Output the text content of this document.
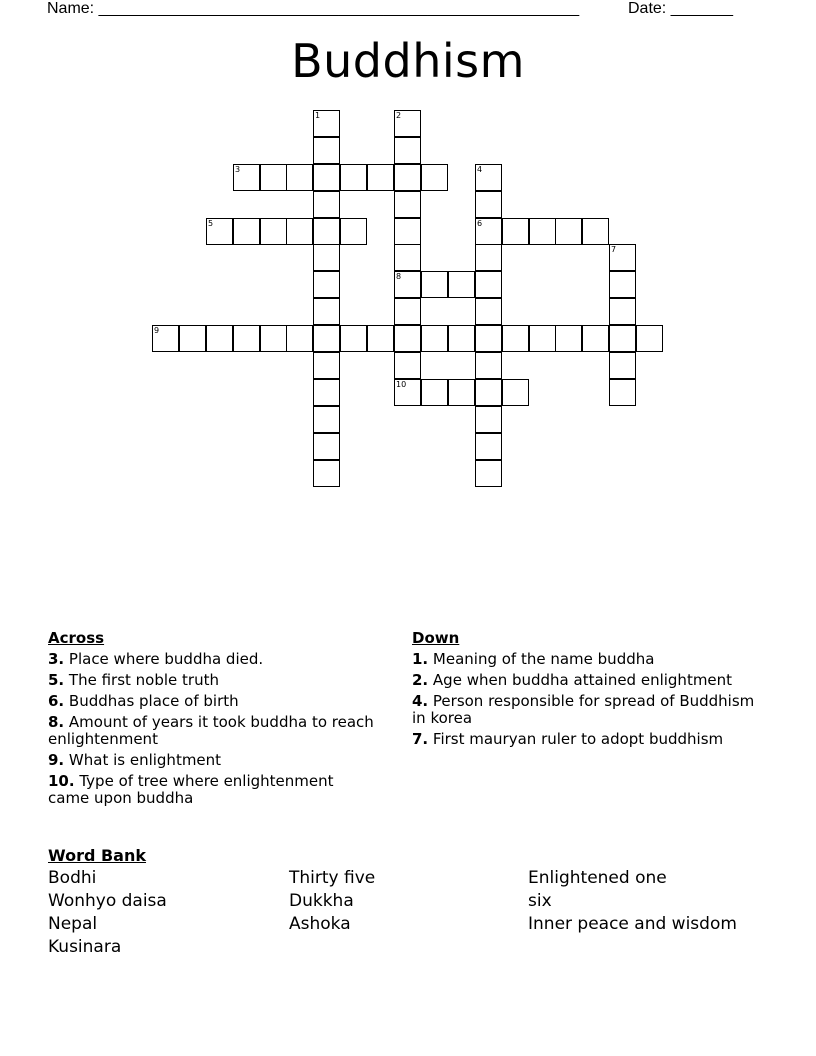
Name: ______________________________________________________	Date: _______
Buddhism
3
5	6
8
9
10
1	2
4
7
Across
3. Place where buddha died.
5. The first noble truth
6. Buddhas place of birth
8. Amount of years it took buddha to reach enlightenment
9. What is enlightment
10. Type of tree where enlightenment came upon buddha
Down
1. Meaning of the name buddha
2. Age when buddha attained enlightment
4. Person responsible for spread of Buddhism in korea
7. First mauryan ruler to adopt buddhism
Word Bank
Bodhi	Thirty five	Enlightened one
Wonhyo daisa	Dukkha	six
Nepal	Ashoka	Inner peace and wisdom
Kusinara
